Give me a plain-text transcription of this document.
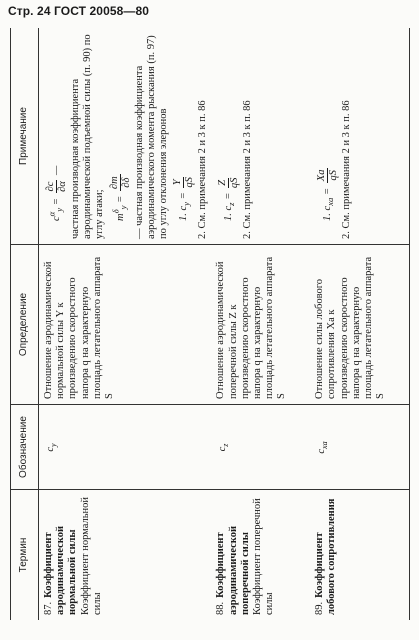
Стр. 24 ГОСТ 20058—80
Термин
Обозначение
Определение
Примечание
87.Коэффициент аэродинамической нормальной силы
Коэффициент нормальной силы
$c_y$
Отношение аэродинамической нормальной силы Y к произведению скоростного напора q на характерную площадь летательного аппарата S
$c^\alpha_y$ =
∂c ∂α
— частная производная коэффициента аэродинамической подъемной силы (п. 90) по углу атаки; $m^\delta_y$ =
∂m ∂δ — частная производная коэффициента аэродинамического момента рыскания (п. 97) по углу отклонения элеронов 1. $c_y$ =
Y qS 2. См. примечания 2 и 3 к п. 86
88.Коэффициент аэродинамической поперечной силы
Коэффициент поперечной силы
$c_z$
Отношение аэродинамической поперечной силы Z к произведению скоростного напора q на характерную площадь летательного аппарата S
1. $c_z$ =
Z qS 2. См. примечания 2 и 3 к п. 86
89.Коэффициент лобового сопротивления
$c_{xa}$
Отношение силы лобового сопротивления Xa к произведению скоростного напора q на характерную площадь летательного аппарата S
1. $c_{xa}$ =
Xa qS 2. См. примечания 2 и 3 к п. 86
